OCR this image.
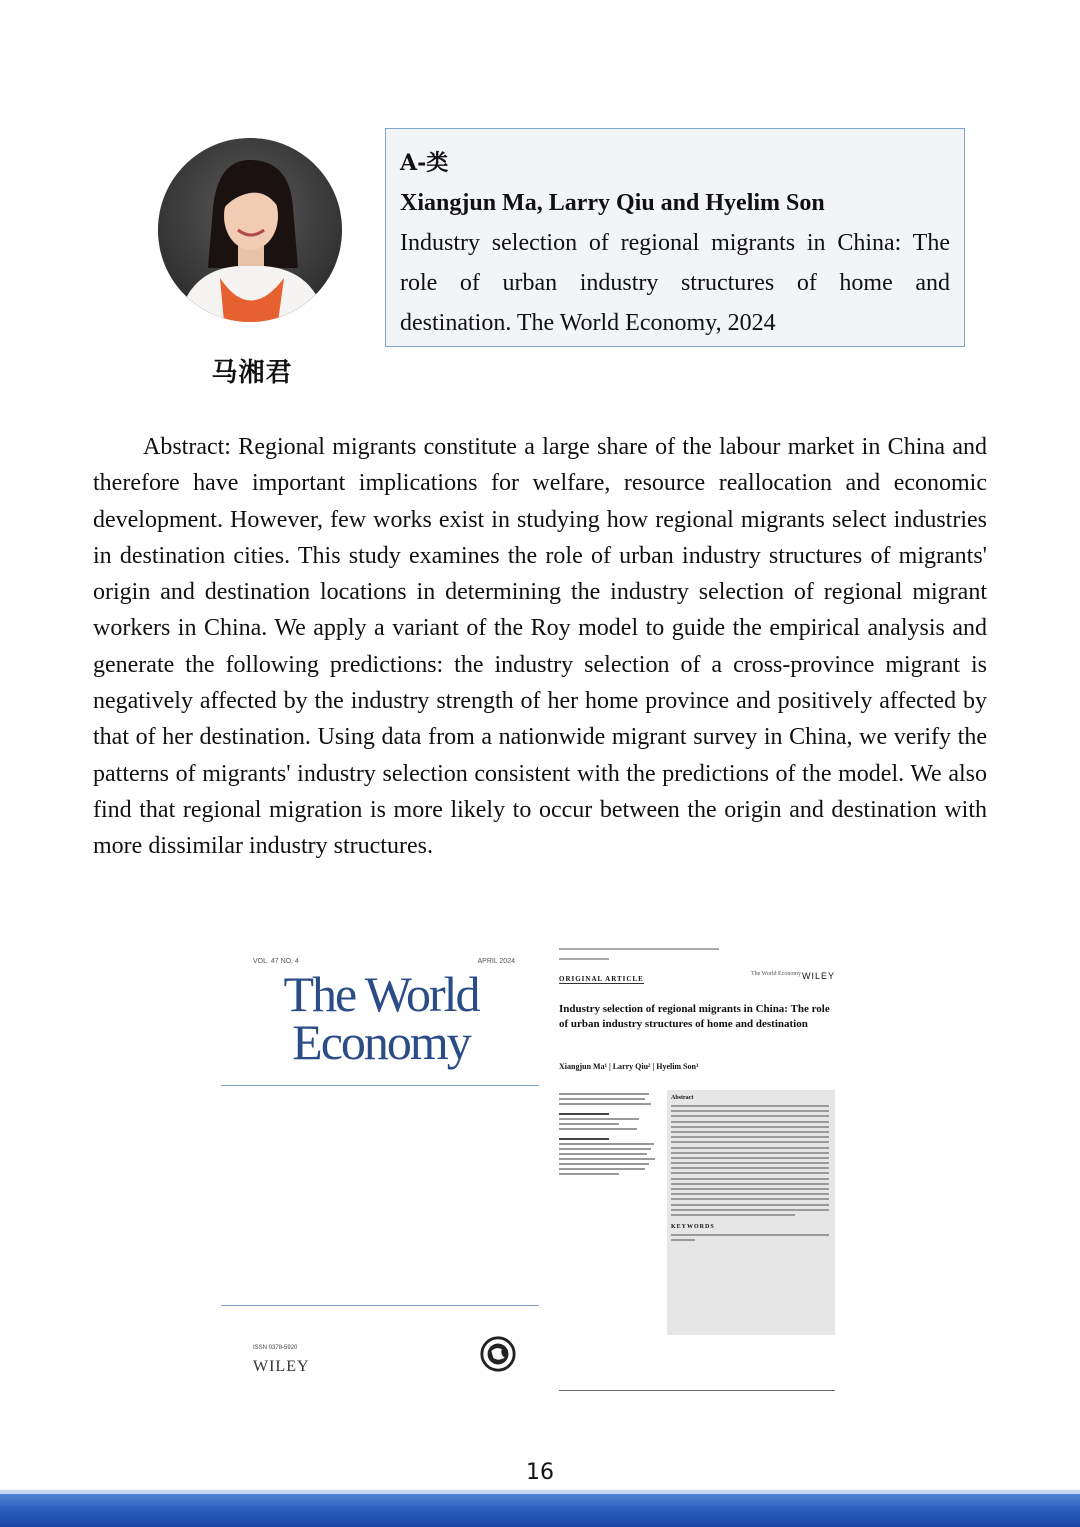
马湘君
A-类
Xiangjun Ma, Larry Qiu and Hyelim Son
Industry selection of regional migrants in China: The role of urban industry structures of home and destination. The World Economy, 2024

Abstract: Regional migrants constitute a large share of the labour market in China and therefore have important implications for welfare, resource reallocation and economic development. However, few works exist in studying how regional migrants select industries in destination cities. This study examines the role of urban industry structures of migrants' origin and destination locations in determining the industry selection of regional migrant workers in China. We apply a variant of the Roy model to guide the empirical analysis and generate the following predictions: the industry selection of a cross-province migrant is negatively affected by the industry strength of her home province and positively affected by that of her destination. Using data from a nationwide migrant survey in China, we verify the patterns of migrants' industry selection consistent with the predictions of the model. We also find that regional migration is more likely to occur between the origin and destination with more dissimilar industry structures.

VOL. 47 NO. 4	APRIL 2024
The World
Economy
ISSN 0378-5920
WILEY
ORIGINAL ARTICLE
The World Economy WILEY
Industry selection of regional migrants in China: The role of urban industry structures of home and destination
Xiangjun Ma¹ | Larry Qiu² | Hyelim Son³
Abstract
KEYWORDS
16
